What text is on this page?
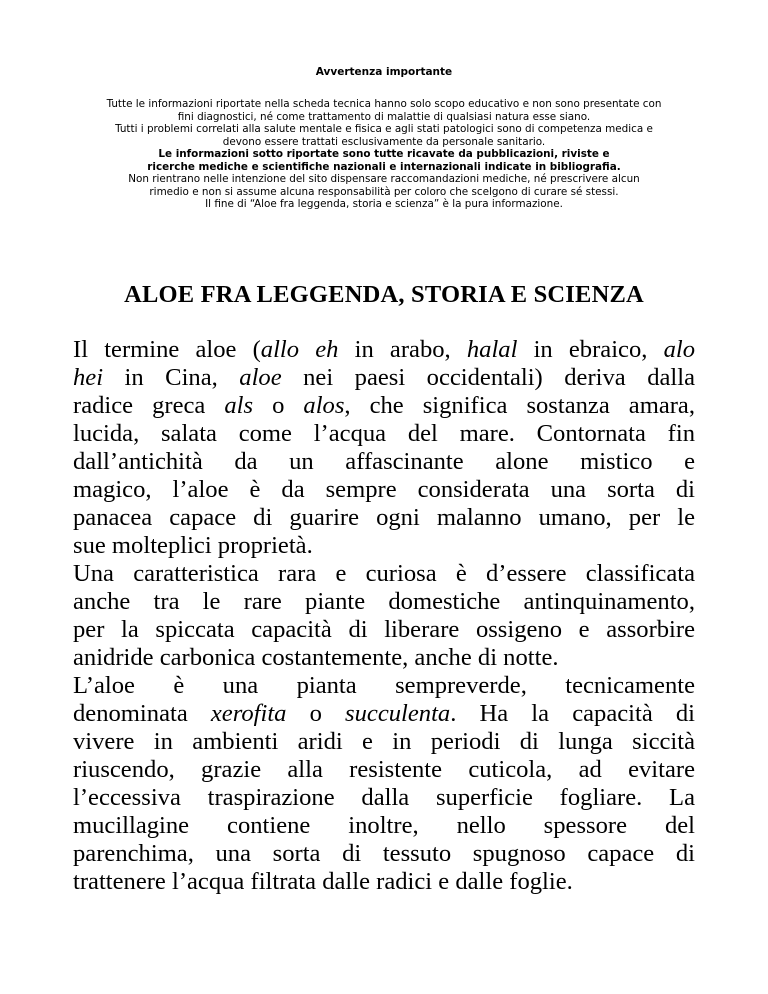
Avvertenza importante
Tutte le informazioni riportate nella scheda tecnica hanno solo scopo educativo e non sono presentate con
fini diagnostici, né come trattamento di malattie di qualsiasi natura esse siano.
Tutti i problemi correlati alla salute mentale e fisica e agli stati patologici sono di competenza medica e
devono essere trattati esclusivamente da personale sanitario.
Le informazioni sotto riportate sono tutte ricavate da pubblicazioni, riviste e
ricerche mediche e scientifiche nazionali e internazionali indicate in bibliografia.
Non rientrano nelle intenzione del sito dispensare raccomandazioni mediche, né prescrivere alcun
rimedio e non si assume alcuna responsabilità per coloro che scelgono di curare sé stessi.
Il fine di “Aloe fra leggenda, storia e scienza” è la pura informazione.
ALOE FRA LEGGENDA, STORIA E SCIENZA
Il termine aloe (allo eh in arabo, halal in ebraico, alo
hei in Cina, aloe nei paesi occidentali) deriva dalla
radice greca als o alos, che significa sostanza amara,
lucida, salata come l’acqua del mare. Contornata fin
dall’antichità da un affascinante alone mistico e
magico, l’aloe è da sempre considerata una sorta di
panacea capace di guarire ogni malanno umano, per le
sue molteplici proprietà.
Una caratteristica rara e curiosa è d’essere classificata
anche tra le rare piante domestiche antinquinamento,
per la spiccata capacità di liberare ossigeno e assorbire
anidride carbonica costantemente, anche di notte.
L’aloe è una pianta sempreverde, tecnicamente
denominata xerofita o succulenta. Ha la capacità di
vivere in ambienti aridi e in periodi di lunga siccità
riuscendo, grazie alla resistente cuticola, ad evitare
l’eccessiva traspirazione dalla superficie fogliare. La
mucillagine contiene inoltre, nello spessore del
parenchima, una sorta di tessuto spugnoso capace di
trattenere l’acqua filtrata dalle radici e dalle foglie.
